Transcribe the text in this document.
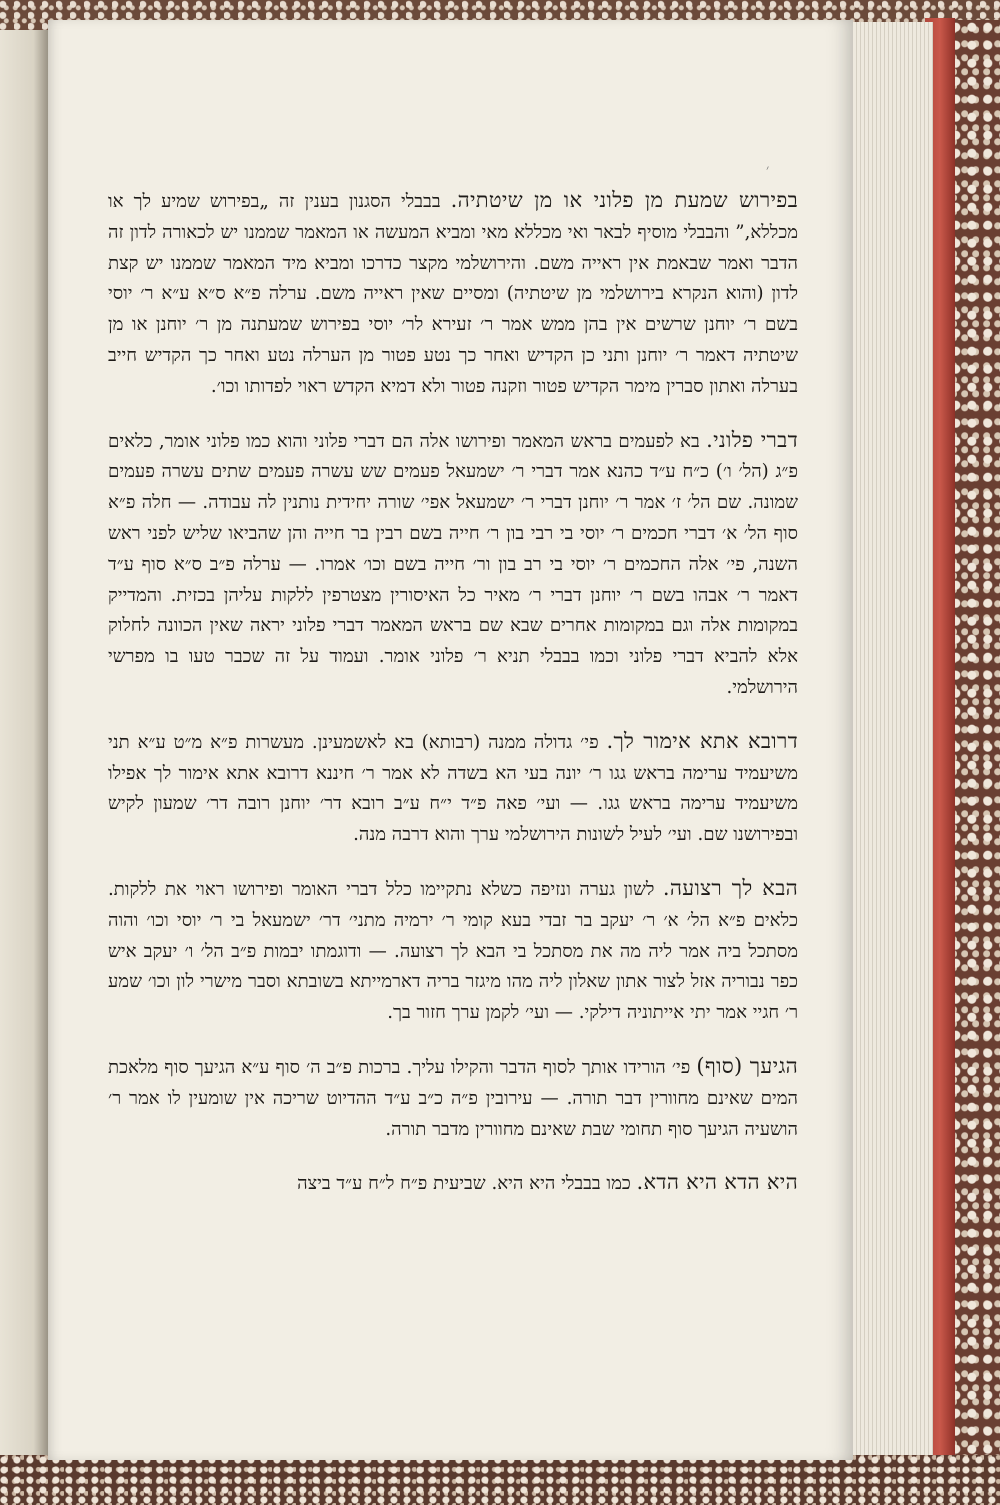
׳

בפירוש שמעת מן פלוני או מן שיטתיה. בבבלי הסגנון בענין זה „בפירוש שמיע לך או מכללא,” והבבלי מוסיף לבאר ואי מכללא מאי ומביא המעשה או המאמר שממנו יש לכאורה לדון זה הדבר ואמר שבאמת אין ראייה משם. והירושלמי מקצר כדרכו ומביא מיד המאמר שממנו יש קצת לדון (והוא הנקרא בירושלמי מן שיטתיה) ומסיים שאין ראייה משם. ערלה פ״א ס״א ע״א ר׳ יוסי בשם ר׳ יוחנן שרשים אין בהן ממש אמר ר׳ זעירא לר׳ יוסי בפירוש שמעתנה מן ר׳ יוחנן או מן שיטתיה דאמר ר׳ יוחנן ותני כן הקדיש ואחר כך נטע פטור מן הערלה נטע ואחר כך הקדיש חייב בערלה ואתון סברין מימר הקדיש פטור וזקנה פטור ולא דמיא הקדש ראוי לפדותו וכו׳.

דברי פלוני. בא לפעמים בראש המאמר ופירושו אלה הם דברי פלוני והוא כמו פלוני אומר, כלאים פ״ג (הל׳ ו׳) כ״ח ע״ד כהנא אמר דברי ר׳ ישמעאל פעמים שש עשרה פעמים שתים עשרה פעמים שמונה. שם הל׳ ז׳ אמר ר׳ יוחנן דברי ר׳ ישמעאל אפי׳ שורה יחידית נותנין לה עבודה. — חלה פ״א סוף הל׳ א׳ דברי חכמים ר׳ יוסי בי רבי בון ר׳ חייה בשם רבין בר חייה והן שהביאו שליש לפני ראש השנה, פי׳ אלה החכמים ר׳ יוסי בי רב בון ור׳ חייה בשם וכו׳ אמרו. — ערלה פ״ב ס״א סוף ע״ד דאמר ר׳ אבהו בשם ר׳ יוחנן דברי ר׳ מאיר כל האיסורין מצטרפין ללקות עליהן בכזית. והמדייק במקומות אלה וגם במקומות אחרים שבא שם בראש המאמר דברי פלוני יראה שאין הכוונה לחלוק אלא להביא דברי פלוני וכמו בבבלי תניא ר׳ פלוני אומר. ועמוד על זה שכבר טעו בו מפרשי הירושלמי.

דרובא אתא אימור לך. פי׳ גדולה ממנה (רבותא) בא לאשמעינן. מעשרות פ״א מ״ט ע״א תני משיעמיד ערימה בראש גגו ר׳ יונה בעי הא בשדה לא אמר ר׳ חיננא דרובא אתא אימור לך אפילו משיעמיד ערימה בראש גגו. — ועי׳ פאה פ״ד י״ח ע״ב רובא דר׳ יוחנן רובה דר׳ שמעון לקיש ובפירושנו שם. ועי׳ לעיל לשונות הירושלמי ערך והוא דרבה מנה.

הבא לך רצועה. לשון גערה ונזיפה כשלא נתקיימו כלל דברי האומר ופירושו ראוי את ללקות. כלאים פ״א הל׳ א׳ ר׳ יעקב בר זבדי בעא קומי ר׳ ירמיה מתני׳ דר׳ ישמעאל בי ר׳ יוסי וכו׳ והוה מסתכל ביה אמר ליה מה את מסתכל בי הבא לך רצועה. — ודוגמתו יבמות פ״ב הל׳ ו׳ יעקב איש כפר נבוריה אזל לצור אתון שאלון ליה מהו מיגזר בריה דארמייתא בשובתא וסבר מישרי לון וכו׳ שמע ר׳ חגיי אמר יתי אייתוניה דילקי. — ועי׳ לקמן ערך חזור בך.

הגיעך (סוף) פי׳ הורידו אותך לסוף הדבר והקילו עליך. ברכות פ״ב ה׳ סוף ע״א הגיעך סוף מלאכת המים שאינם מחוורין דבר תורה. — עירובין פ״ה כ״ב ע״ד ההדיוט שריכה אין שומעין לו אמר ר׳ הושעיה הגיעך סוף תחומי שבת שאינם מחוורין מדבר תורה.

היא הדא היא הדא. כמו בבבלי היא היא. שביעית פ״ח ל״ח ע״ד ביצה
